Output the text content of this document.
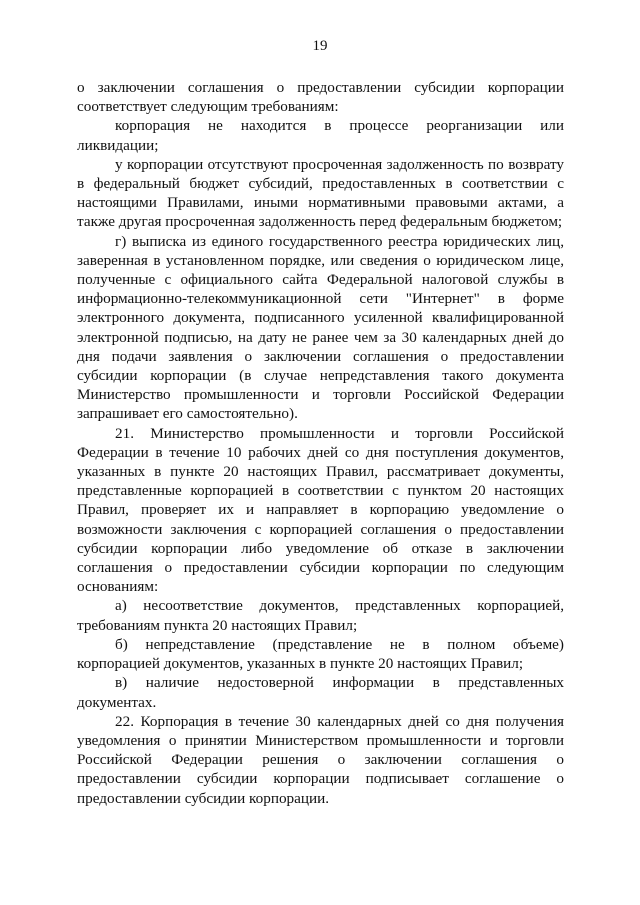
19

о заключении соглашения о предоставлении субсидии корпорации соответствует следующим требованиям:

корпорация не находится в процессе реорганизации или ликвидации;

у корпорации отсутствуют просроченная задолженность по возврату в федеральный бюджет субсидий, предоставленных в соответствии с настоящими Правилами, иными нормативными правовыми актами, а также другая просроченная задолженность перед федеральным бюджетом;

г) выписка из единого государственного реестра юридических лиц, заверенная в установленном порядке, или сведения о юридическом лице, полученные с официального сайта Федеральной налоговой службы в информационно-телекоммуникационной сети "Интернет" в форме электронного документа, подписанного усиленной квалифицированной электронной подписью, на дату не ранее чем за 30 календарных дней до дня подачи заявления о заключении соглашения о предоставлении субсидии корпорации (в случае непредставления такого документа Министерство промышленности и торговли Российской Федерации запрашивает его самостоятельно).

21. Министерство промышленности и торговли Российской Федерации в течение 10 рабочих дней со дня поступления документов, указанных в пункте 20 настоящих Правил, рассматривает документы, представленные корпорацией в соответствии с пунктом 20 настоящих Правил, проверяет их и направляет в корпорацию уведомление о возможности заключения с корпорацией соглашения о предоставлении субсидии корпорации либо уведомление об отказе в заключении соглашения о предоставлении субсидии корпорации по следующим основаниям:

а) несоответствие документов, представленных корпорацией, требованиям пункта 20 настоящих Правил;

б) непредставление (представление не в полном объеме) корпорацией документов, указанных в пункте 20 настоящих Правил;

в) наличие недостоверной информации в представленных документах.

22. Корпорация в течение 30 календарных дней со дня получения уведомления о принятии Министерством промышленности и торговли Российской Федерации решения о заключении соглашения о предоставлении субсидии корпорации подписывает соглашение о предоставлении субсидии корпорации.
